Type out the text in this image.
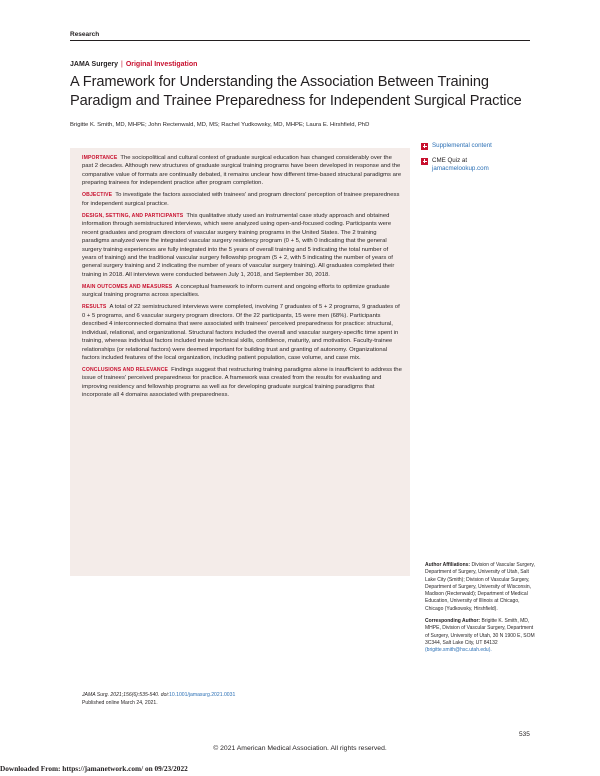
Research
JAMA Surgery | Original Investigation
A Framework for Understanding the Association Between Training Paradigm and Trainee Preparedness for Independent Surgical Practice
Brigitte K. Smith, MD, MHPE; John Rectenwald, MD, MS; Rachel Yudkowsky, MD, MHPE; Laura E. Hirshfield, PhD

IMPORTANCE The sociopolitical and cultural context of graduate surgical education has changed considerably over the past 2 decades. Although new structures of graduate surgical training programs have been developed in response and the comparative value of formats are continually debated, it remains unclear how different time-based structural paradigms are preparing trainees for independent practice after program completion.

OBJECTIVE To investigate the factors associated with trainees' and program directors' perception of trainee preparedness for independent surgical practice.

DESIGN, SETTING, AND PARTICIPANTS This qualitative study used an instrumental case study approach and obtained information through semistructured interviews, which were analyzed using open-and-focused coding. Participants were recent graduates and program directors of vascular surgery training programs in the United States. The 2 training paradigms analyzed were the integrated vascular surgery residency program (0 + 5, with 0 indicating that the general surgery training experiences are fully integrated into the 5 years of overall training and 5 indicating the total number of years of training) and the traditional vascular surgery fellowship program (5 + 2, with 5 indicating the number of years of general surgery training and 2 indicating the number of years of vascular surgery training). All graduates completed their training in 2018. All interviews were conducted between July 1, 2018, and September 30, 2018.

MAIN OUTCOMES AND MEASURES A conceptual framework to inform current and ongoing efforts to optimize graduate surgical training programs across specialties.

RESULTS A total of 22 semistructured interviews were completed, involving 7 graduates of 5 + 2 programs, 9 graduates of 0 + 5 programs, and 6 vascular surgery program directors. Of the 22 participants, 15 were men (68%). Participants described 4 interconnected domains that were associated with trainees' perceived preparedness for practice: structural, individual, relational, and organizational. Structural factors included the overall and vascular surgery-specific time spent in training, whereas individual factors included innate technical skills, confidence, maturity, and motivation. Faculty-trainee relationships (or relational factors) were deemed important for building trust and granting of autonomy. Organizational factors included features of the local organization, including patient population, case volume, and case mix.

CONCLUSIONS AND RELEVANCE Findings suggest that restructuring training paradigms alone is insufficient to address the issue of trainees' perceived preparedness for practice. A framework was created from the results for evaluating and improving residency and fellowship programs as well as for developing graduate surgical training paradigms that incorporate all 4 domains associated with preparedness.

Supplemental content
CME Quiz at
jamacmelookup.com

Author Affiliations: Division of Vascular Surgery, Department of Surgery, University of Utah, Salt Lake City (Smith); Division of Vascular Surgery, Department of Surgery, University of Wisconsin, Madison (Rectenwald); Department of Medical Education, University of Illinois at Chicago, Chicago (Yudkowsky, Hirshfield).

Corresponding Author: Brigitte K. Smith, MD, MHPE, Division of Vascular Surgery, Department of Surgery, University of Utah, 30 N 1900 E, SOM 3C344, Salt Lake City, UT 84132 (brigitte.smith@hsc.utah.edu).

JAMA Surg. 2021;156(6):535-540. doi:10.1001/jamasurg.2021.0031
Published online March 24, 2021.
535
© 2021 American Medical Association. All rights reserved.
Downloaded From: https://jamanetwork.com/ on 09/23/2022
